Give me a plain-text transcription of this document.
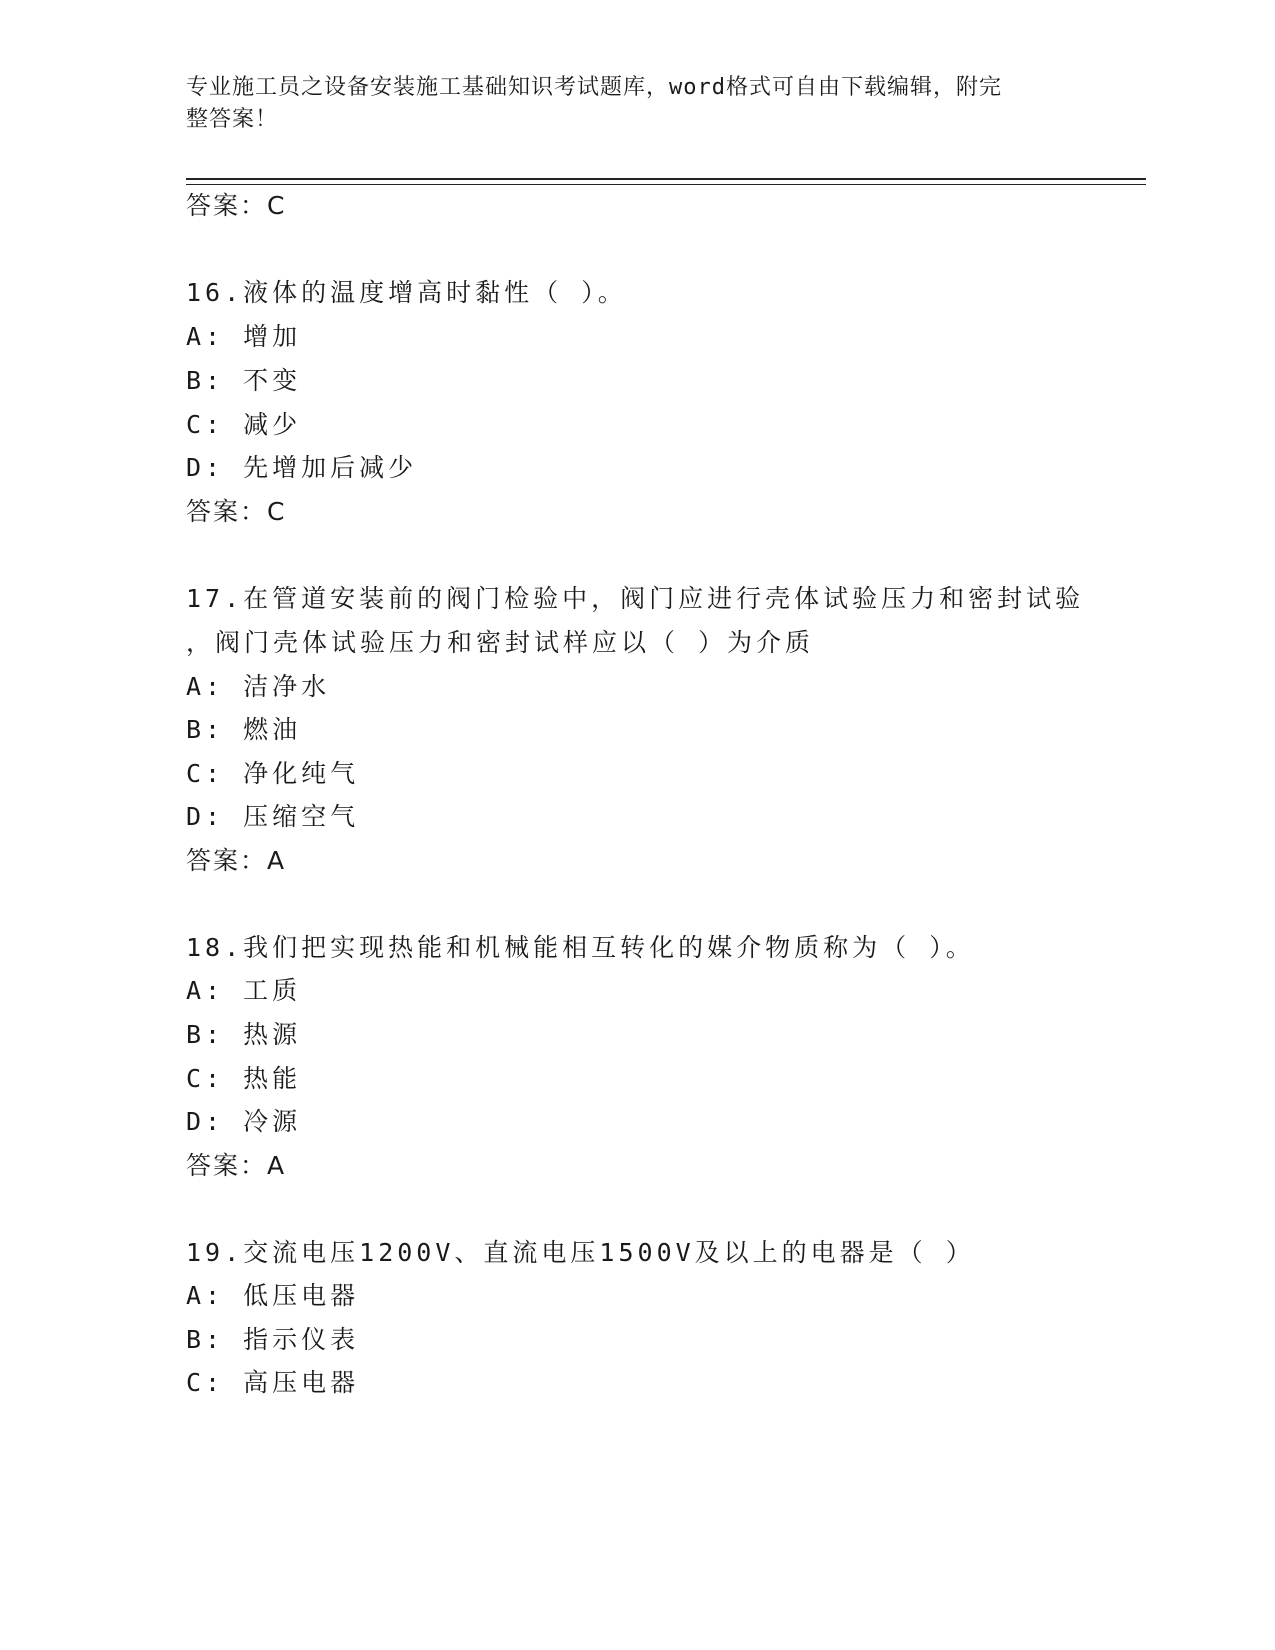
专业施工员之设备安装施工基础知识考试题库，word格式可自由下载编辑，附完
整答案！
答案：C
16.液体的温度增高时黏性（ ）。
A: 增加
B: 不变
C: 减少
D: 先增加后减少
答案：C
17.在管道安装前的阀门检验中，阀门应进行壳体试验压力和密封试验
，阀门壳体试验压力和密封试样应以（ ）为介质
A: 洁净水
B: 燃油
C: 净化纯气
D: 压缩空气
答案：A
18.我们把实现热能和机械能相互转化的媒介物质称为（ ）。
A: 工质
B: 热源
C: 热能
D: 冷源
答案：A
19.交流电压1200V、直流电压1500V及以上的电器是（ ）
A: 低压电器
B: 指示仪表
C: 高压电器
